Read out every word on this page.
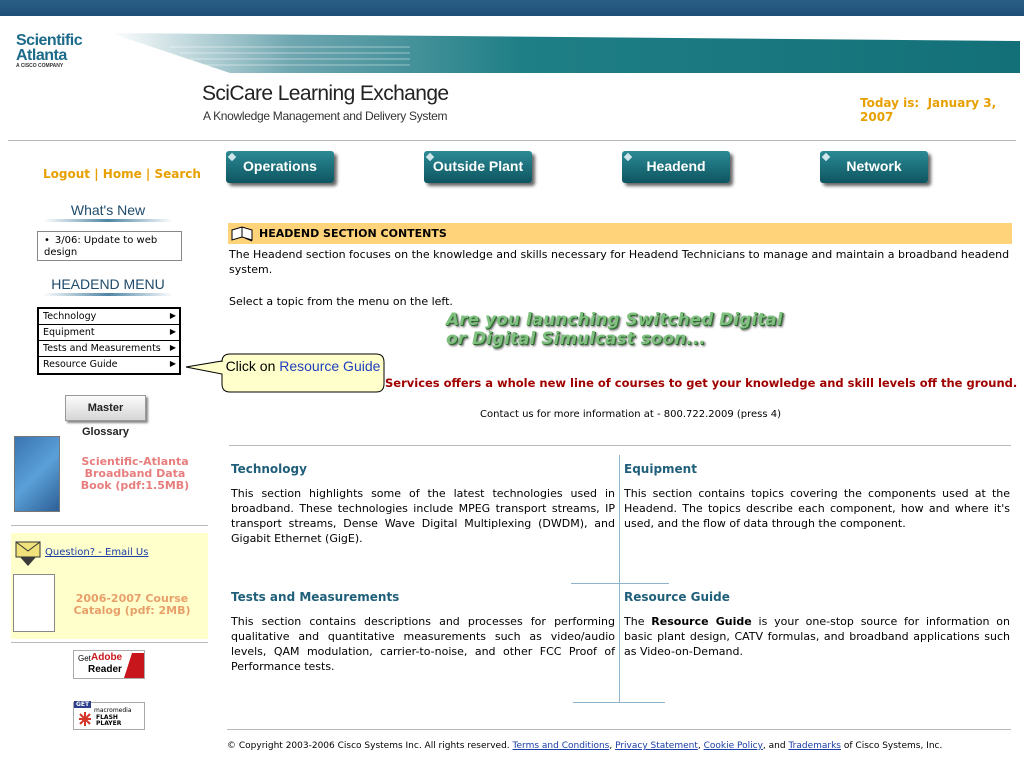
Scientific
Atlanta
A CISCO COMPANY
SciCare Learning Exchange
A Knowledge Management and Delivery System
Today is: January 3, 2007
Logout | Home | Search
What's New
• 3/06: Update to web design
HEADEND MENU
Technology	▶
Equipment	▶
Tests and Measurements ▶
Resource Guide	▶
Master Glossary
Scientific-Atlanta Broadband Data Book (pdf:1.5MB)
Question? - Email Us
2006-2007 Course Catalog (pdf: 2MB)
Get Adobe
Reader
GET
macromedia
FLASH
PLAYER
Operations	Outside Plant	Headend	Network
HEADEND SECTION CONTENTS
The Headend section focuses on the knowledge and skills necessary for Headend Technicians to manage and maintain a broadband headend system.
Select a topic from the menu on the left.
Are you launching Switched Digital
or Digital Simulcast soon...
Services offers a whole new line of courses to get your knowledge and skill levels off the ground.
Contact us for more information at - 800.722.2009 (press 4)
Click on Resource Guide
Technology
This section highlights some of the latest technologies used in broadband. These technologies include MPEG transport streams, IP transport streams, Dense Wave Digital Multiplexing (DWDM), and Gigabit Ethernet (GigE).
Equipment
This section contains topics covering the components used at the Headend. The topics describe each component, how and where it's used, and the flow of data through the component.
Tests and Measurements
This section contains descriptions and processes for performing qualitative and quantitative measurements such as video/audio levels, QAM modulation, carrier-to-noise, and other FCC Proof of Performance tests.
Resource Guide
The Resource Guide is your one-stop source for information on basic plant design, CATV formulas, and broadband applications such as Video-on-Demand.
© Copyright 2003-2006 Cisco Systems Inc. All rights reserved. Terms and Conditions, Privacy Statement, Cookie Policy, and Trademarks of Cisco Systems, Inc.
